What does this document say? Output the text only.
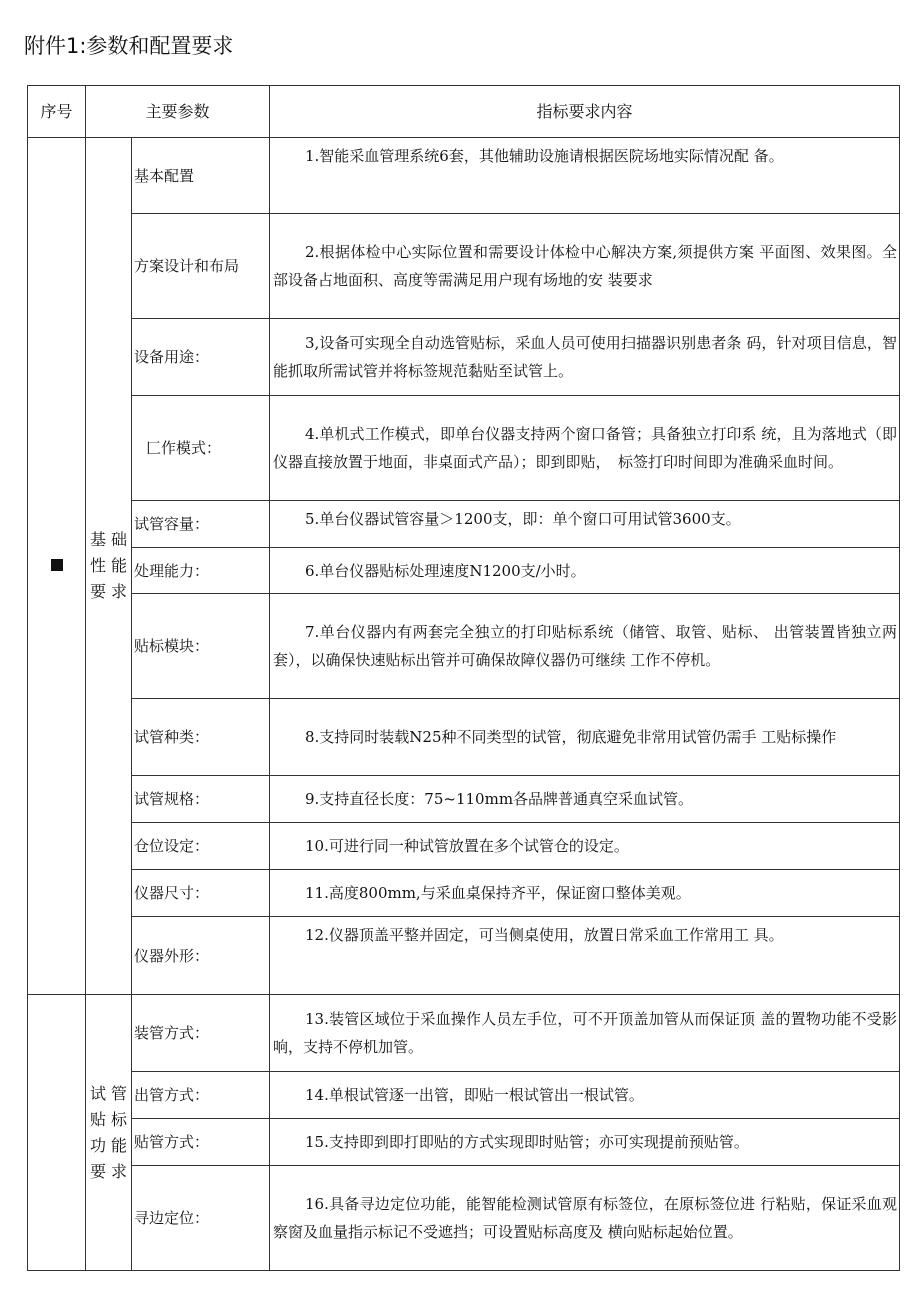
附件1:参数和配置要求
序号	主要参数		指标要求内容
	基 础 性 能 要 求	基本配置	1.智能采血管理系统6套，其他辅助设施请根据医院场地实际情况配 备。
		方案设计和布局	2.根据体检中心实际位置和需要设计体检中心解决方案,须提供方案 平面图、效果图。全部设备占地面积、高度等需满足用户现有场地的安 装要求
		设备用途：	3,设备可实现全自动选管贴标，采血人员可使用扫描器识别患者条 码，针对项目信息，智能抓取所需试管并将标签规范黏贴至试管上。
		匚作模式：	4.单机式工作模式，即单台仪器支持两个窗口备管；具备独立打印系 统，且为落地式（即仪器直接放置于地面，非桌面式产品）；即到即贴，　标签打印时间即为准确采血时间。
		试管容量：	5.单台仪器试管容量＞1200支，即：单个窗口可用试管3600支。
		处理能力：	6.单台仪器贴标处理速度N1200支/小时。
		贴标模块：	7.单台仪器内有两套完全独立的打印贴标系统（储管、取管、贴标、 出管装置皆独立两套），以确保快速贴标出管并可确保故障仪器仍可继续 工作不停机。
		试管种类：	8.支持同时装载N25种不同类型的试管，彻底避免非常用试管仍需手 工贴标操作
		试管规格：	9.支持直径长度：75~110mm各品牌普通真空采血试管。
		仓位设定：	10.可进行同一种试管放置在多个试管仓的设定。
		仪器尺寸：	11.高度800mm,与采血桌保持齐平，保证窗口整体美观。
		仪器外形：	12.仪器顶盖平整并固定，可当侧桌使用，放置日常采血工作常用工 具。
	试 管 贴 标 功 能 要 求	装管方式：	13.装管区域位于采血操作人员左手位，可不开顶盖加管从而保证顶 盖的置物功能不受影响，支持不停机加管。
		出管方式：	14.单根试管逐一出管，即贴一根试管出一根试管。
		贴管方式：	15.支持即到即打即贴的方式实现即时贴管；亦可实现提前预贴管。
		寻边定位：	16.具备寻边定位功能，能智能检测试管原有标签位，在原标签位进 行粘贴，保证采血观察窗及血量指示标记不受遮挡；可设置贴标高度及 横向贴标起始位置。
